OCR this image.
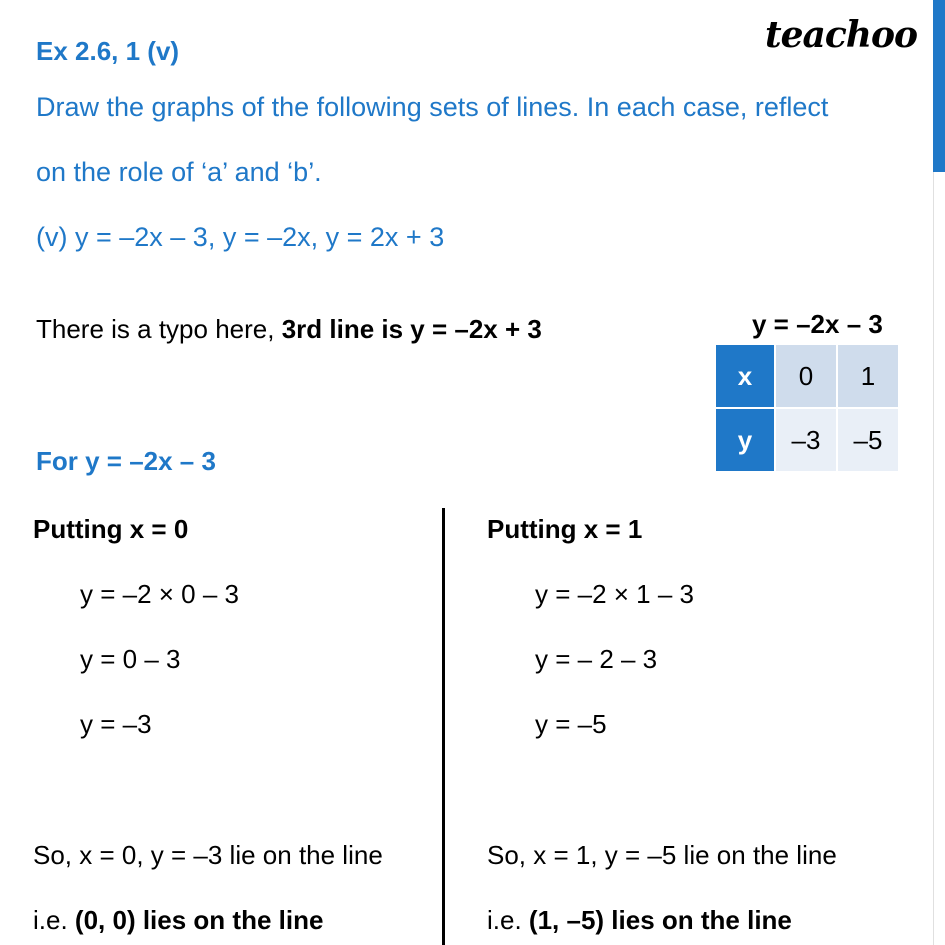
Ex 2.6, 1 (v)	teachoo
Draw the graphs of the following sets of lines. In each case, reflect
on the role of ‘a’ and ‘b’.
(v) y = –2x – 3, y = –2x, y = 2x + 3
There is a typo here, 3rd line is y = –2x + 3	y = –2x – 3
x	0	1
y	–3	–5
For y = –2x – 3
Putting x = 0
y = –2 × 0 – 3
y = 0 – 3
y = –3
So, x = 0, y = –3 lie on the line
i.e. (0, 0) lies on the line
Putting x = 1
y = –2 × 1 – 3
y = – 2 – 3
y = –5
So, x = 1, y = –5 lie on the line
i.e. (1, –5) lies on the line
